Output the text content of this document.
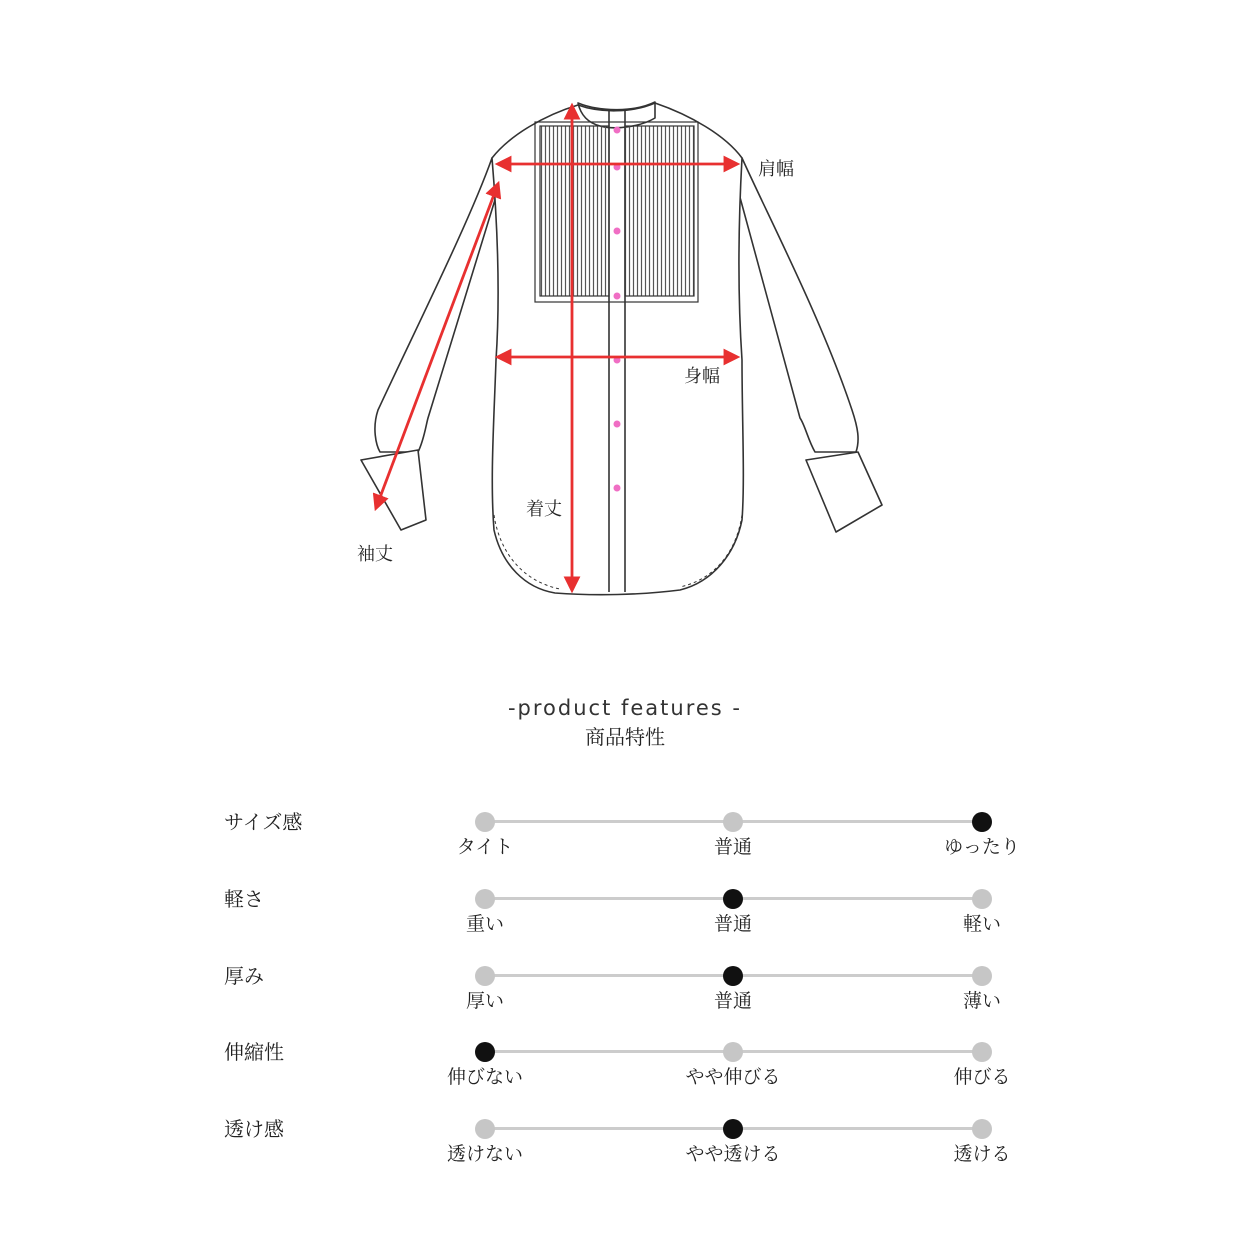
肩幅
身幅
着丈
袖丈
-product features -
商品特性
サイズ感
タイト	普通	ゆったり
軽さ
重い	普通	軽い
厚み
厚い	普通	薄い
伸縮性
伸びない	やや伸びる	伸びる
透け感
透けない	やや透ける	透ける
